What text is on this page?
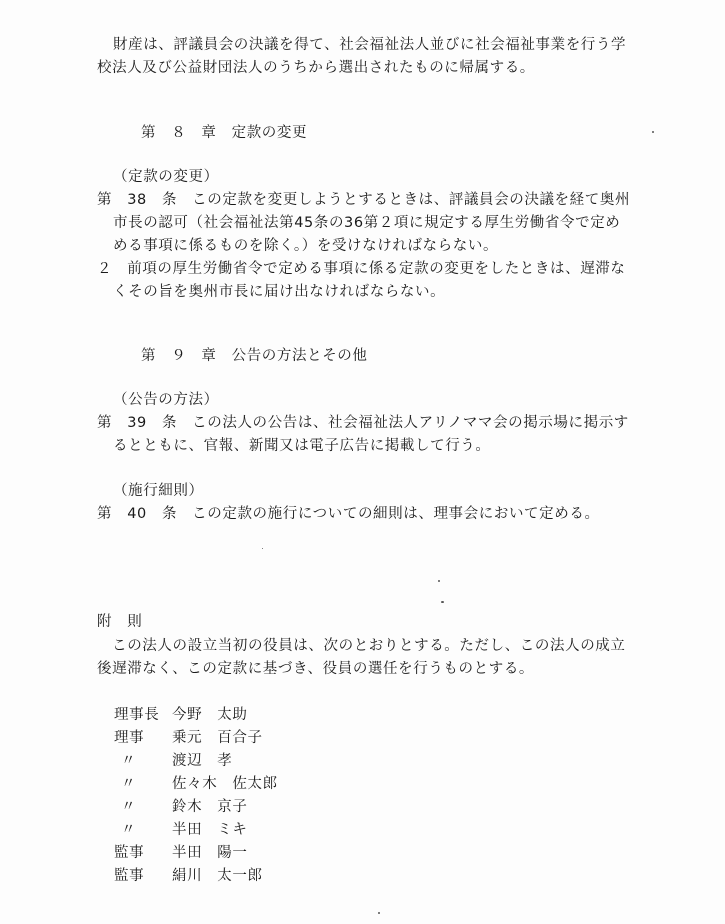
財産は、評議員会の決議を得て、社会福祉法人並びに社会福祉事業を行う学
校法人及び公益財団法人のうちから選出されたものに帰属する。
第　８　章　定款の変更
（定款の変更）
第　38　条　この定款を変更しようとするときは、評議員会の決議を経て奥州
市長の認可（社会福祉法第45条の36第２項に規定する厚生労働省令で定め
める事項に係るものを除く。）を受けなければならない。
２　前項の厚生労働省令で定める事項に係る定款の変更をしたときは、遅滞な
くその旨を奥州市長に届け出なければならない。
第　９　章　公告の方法とその他
（公告の方法）
第　39　条　この法人の公告は、社会福祉法人アリノママ会の掲示場に掲示す
るとともに、官報、新聞又は電子広告に掲載して行う。
（施行細則）
第　40　条　この定款の施行についての細則は、理事会において定める。
附　則
　この法人の設立当初の役員は、次のとおりとする。ただし、この法人の成立
後遅滞なく、この定款に基づき、役員の選任を行うものとする。
理事長 今野　太助
理事 乗元　百合子
〃 渡辺　孝
〃 佐々木　佐太郎
〃 鈴木　京子
〃 半田　ミキ
監事 半田　陽一
監事 絹川　太一郎
